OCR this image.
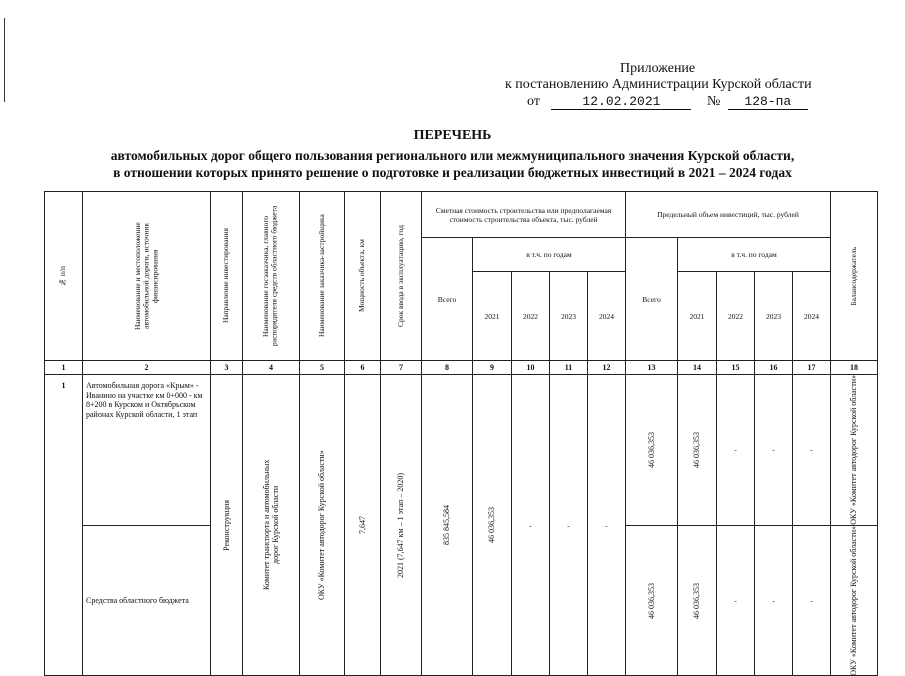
Приложение
к постановлению Администрации Курской области
от	12.02.2021	№ 128-па
ПЕРЕЧЕНЬ
автомобильных дорог общего пользования регионального или межмуниципального значения Курской области,
в отношении которых принято решение о подготовке и реализации бюджетных инвестиций в 2021 – 2024 годах
№ п/п	Наименование и местоположение автомобильной дороги, источник финансирования	Направление инвестирования	Наименование госзаказчика, главного распорядителя средств областного бюджета	Наименование заказчика-застройщика	Мощность объекта, км	Срок ввода в эксплуатацию, год	Сметная стоимость строительства или предполагаемая стоимость строительства объекта, тыс. рублей					Предельный объем инвестиций, тыс. рублей					Балансодержатель

							Всего	в т.ч. по годам				Всего	в т.ч. по годам				
								2021	2022	2023	2024		2021	2022	2023	2024	
1	2	3	4	5	6	7	8	9	10	11	12	13	14	15	16	17	18
1	Автомобильная дорога «Крым» - Иванино на участке км 0+000 - км 8+200 в Курском и Октябрьском районах Курской области, 1 этап	Реконструкция	Комитет транспорта и автомобильных дорог Курской области	ОКУ «Комитет автодорог Курской области»	7,647	2021 (7,647 км – 1 этап – 2020)	835 845,584	46 036,353	-	-	-	46 036,353	46 036,353	-	-	-	ОКУ «Комитет автодорог Курской области»

	Средства областного бюджета											46 036,353	46 036,353	-	-	-	ОКУ «Комитет автодорог Курской области»
